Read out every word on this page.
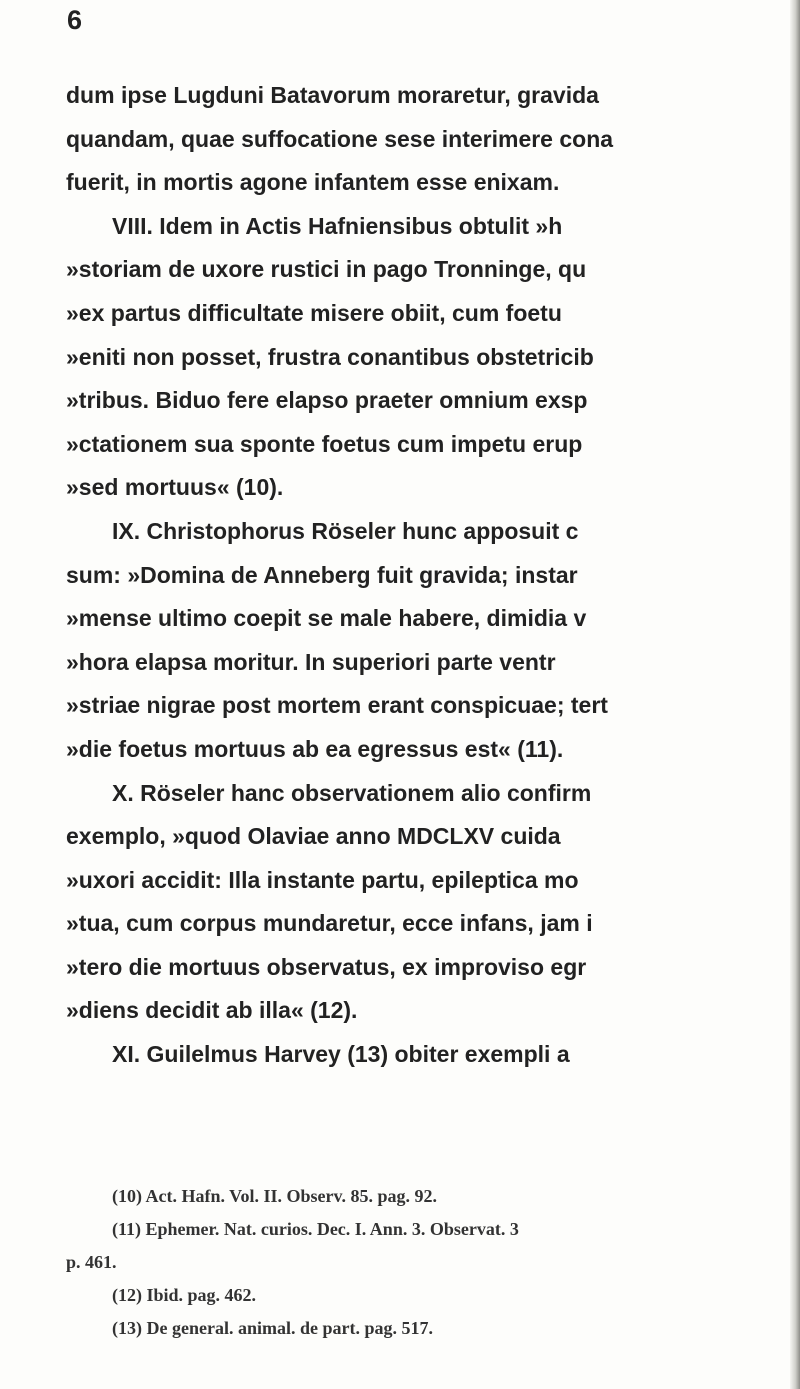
6

dum ipse Lugduni Batavorum moraretur, gravida

quandam, quae suffocatione sese interimere cona

fuerit, in mortis agone infantem esse enixam.

VIII. Idem in Actis Hafniensibus obtulit »h

»storiam de uxore rustici in pago Tronninge, qu

»ex partus difficultate misere obiit, cum foetu

»eniti non posset, frustra conantibus obstetricib

»tribus. Biduo fere elapso praeter omnium exsp

»ctationem sua sponte foetus cum impetu erup

»sed mortuus« (10).

IX. Christophorus Röseler hunc apposuit c

sum: »Domina de Anneberg fuit gravida; instar

»mense ultimo coepit se male habere, dimidia v

»hora elapsa moritur. In superiori parte ventr

»striae nigrae post mortem erant conspicuae; tert

»die foetus mortuus ab ea egressus est« (11).

X. Röseler hanc observationem alio confirm

exemplo, »quod Olaviae anno MDCLXV cuida

»uxori accidit: Illa instante partu, epileptica mo

»tua, cum corpus mundaretur, ecce infans, jam i

»tero die mortuus observatus, ex improviso egr

»diens decidit ab illa« (12).

XI. Guilelmus Harvey (13) obiter exempli a

(10) Act. Hafn. Vol. II. Observ. 85. pag. 92.

(11) Ephemer. Nat. curios. Dec. I. Ann. 3. Observat. 3

p. 461.

(12) Ibid. pag. 462.

(13) De general. animal. de part. pag. 517.
